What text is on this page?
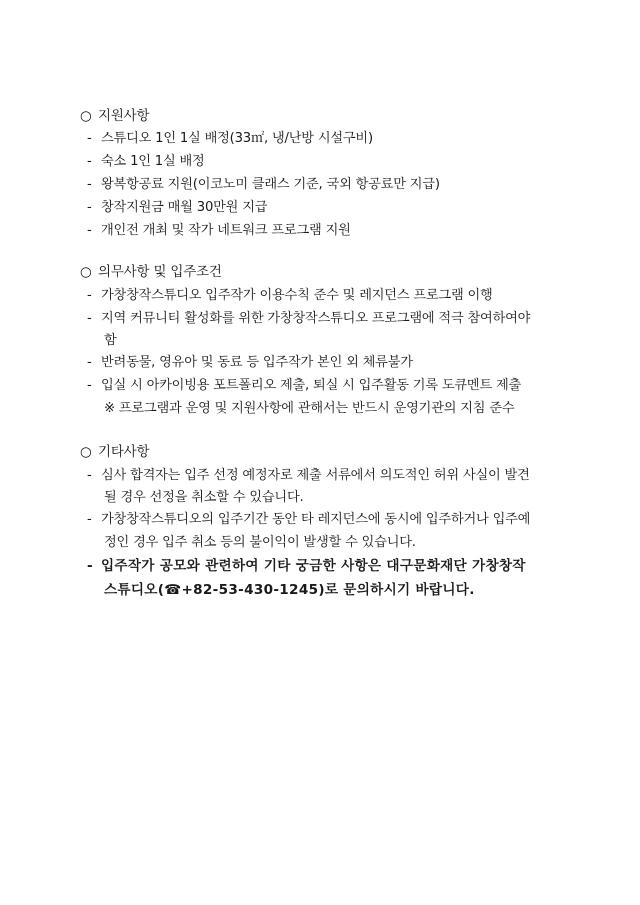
○ 지원사항
- 스튜디오 1인 1실 배정(33㎡, 냉/난방 시설구비)
- 숙소 1인 1실 배정
- 왕복항공료 지원(이코노미 클래스 기준, 국외 항공료만 지급)
- 창작지원금 매월 30만원 지급
- 개인전 개최 및 작가 네트워크 프로그램 지원
○ 의무사항 및 입주조건
- 가창창작스튜디오 입주작가 이용수칙 준수 및 레지던스 프로그램 이행
- 지역 커뮤니티 활성화를 위한 가창창작스튜디오 프로그램에 적극 참여하여야
함
- 반려동물, 영유아 및 동료 등 입주작가 본인 외 체류불가
- 입실 시 아카이빙용 포트폴리오 제출, 퇴실 시 입주활동 기록 도큐멘트 제출
※ 프로그램과 운영 및 지원사항에 관해서는 반드시 운영기관의 지침 준수
○ 기타사항
- 심사 합격자는 입주 선정 예정자로 제출 서류에서 의도적인 허위 사실이 발견
될 경우 선정을 취소할 수 있습니다.
- 가창창작스튜디오의 입주기간 동안 타 레지던스에 동시에 입주하거나 입주예
정인 경우 입주 취소 등의 불이익이 발생할 수 있습니다.
- 입주작가 공모와 관련하여 기타 궁금한 사항은 대구문화재단 가창창작
스튜디오(☎+82-53-430-1245)로 문의하시기 바랍니다.
